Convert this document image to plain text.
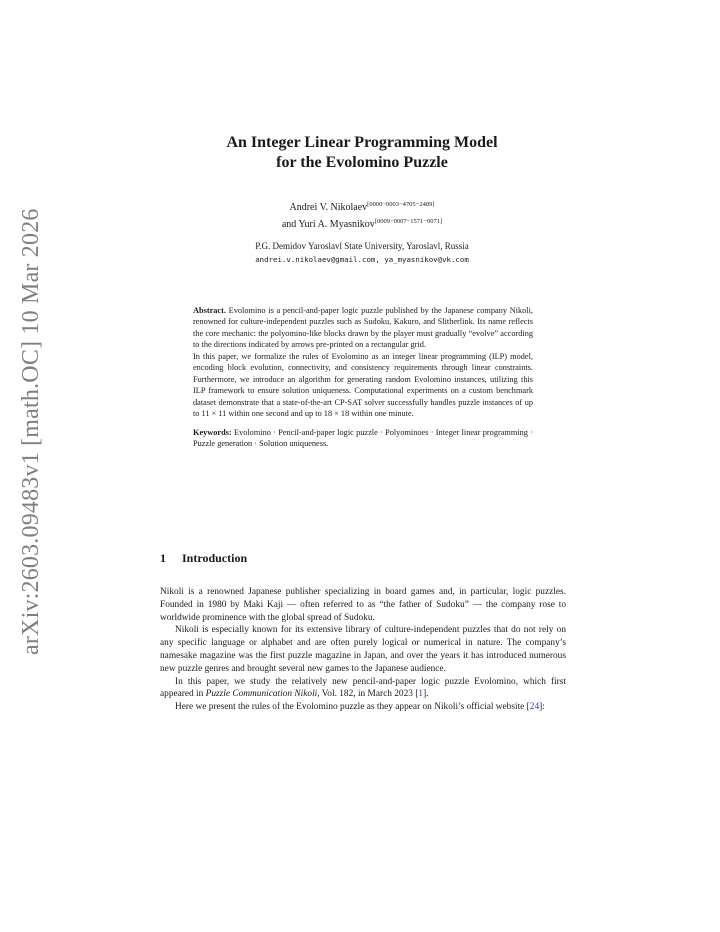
arXiv:2603.09483v1 [math.OC] 10 Mar 2026
An Integer Linear Programming Model
for the Evolomino Puzzle
Andrei V. Nikolaev[0000−0003−4705−2409]
and Yuri A. Myasnikov[0009−0007−1571−0071]
P.G. Demidov Yaroslavl State University, Yaroslavl, Russia
andrei.v.nikolaev@gmail.com, ya_myasnikov@vk.com

Abstract. Evolomino is a pencil-and-paper logic puzzle published by the Japanese company Nikoli, renowned for culture-independent puzzles such as Sudoku, Kakuro, and Slitherlink. Its name reflects the core mechanic: the polyomino-like blocks drawn by the player must gradually “evolve” according to the directions indicated by arrows pre-printed on a rectangular grid.

In this paper, we formalize the rules of Evolomino as an integer linear programming (ILP) model, encoding block evolution, connectivity, and consistency requirements through linear constraints. Furthermore, we introduce an algorithm for generating random Evolomino instances, utilizing this ILP framework to ensure solution uniqueness. Computational experiments on a custom benchmark dataset demonstrate that a state-of-the-art CP-SAT solver successfully handles puzzle instances of up to 11 × 11 within one second and up to 18 × 18 within one minute.

Keywords: Evolomino · Pencil-and-paper logic puzzle · Polyominoes · Integer linear programming · Puzzle generation · Solution uniqueness.

1 Introduction

Nikoli is a renowned Japanese publisher specializing in board games and, in particular, logic puzzles. Founded in 1980 by Maki Kaji — often referred to as “the father of Sudoku” — the company rose to worldwide prominence with the global spread of Sudoku.

Nikoli is especially known for its extensive library of culture-independent puzzles that do not rely on any specific language or alphabet and are often purely logical or numerical in nature. The company’s namesake magazine was the first puzzle magazine in Japan, and over the years it has introduced numerous new puzzle genres and brought several new games to the Japanese audience.

In this paper, we study the relatively new pencil-and-paper logic puzzle Evolomino, which first appeared in Puzzle Communication Nikoli, Vol. 182, in March 2023 [1].

Here we present the rules of the Evolomino puzzle as they appear on Nikoli’s official website [24]:
